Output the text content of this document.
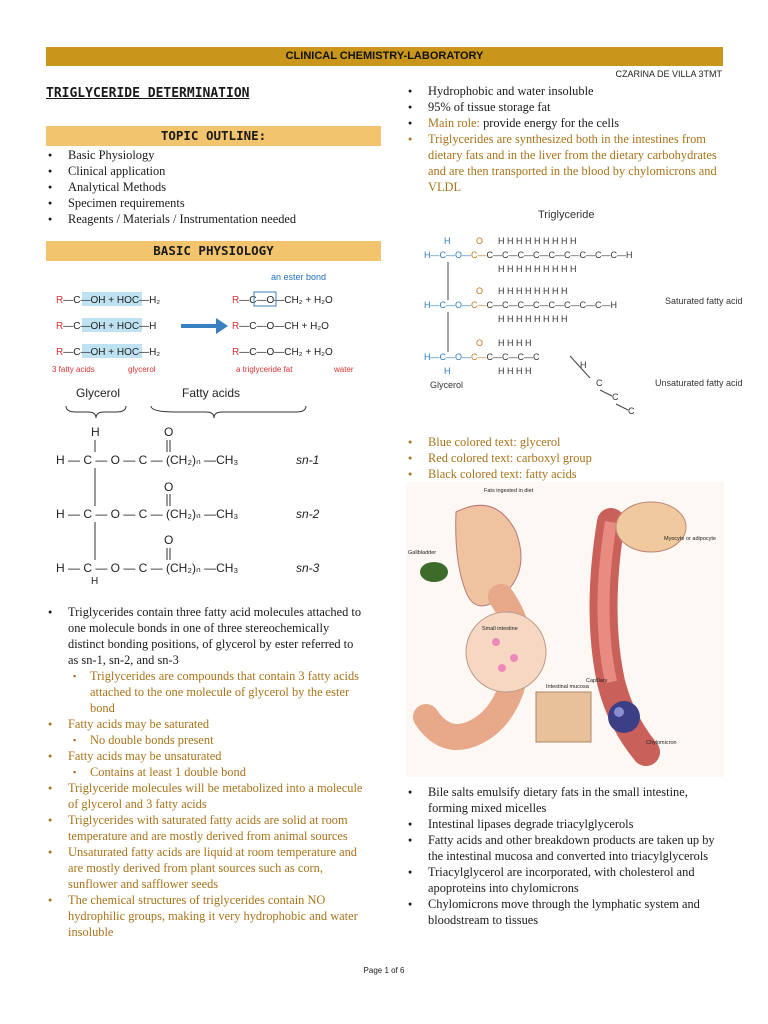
CLINICAL CHEMISTRY-LABORATORY
CZARINA DE VILLA 3TMT
TRIGLYCERIDE DETERMINATION
TOPIC OUTLINE:
● Basic Physiology
● Clinical application
● Analytical Methods
● Specimen requirements
● Reagents / Materials / Instrumentation needed
BASIC PHYSIOLOGY
R—C—OH + HOC—H₂
R—C—OH + HOC—H
R—C—OH + HOC—H₂
R—C—O—CH₂ + H₂O
R—C—O—CH + H₂O
R—C—O—CH₂ + H₂O
an ester bond
3 fatty acids	glycerol	a triglyceride fat	water
Glycerol	Fatty acids
H	O
H — C — O — C — (CH₂)ₙ —CH₃
O
H — C — O — C — (CH₂)ₙ —CH₃
O
H — C — O — C — (CH₂)ₙ —CH₃
H
sn-1
sn-2
sn-3
● Triglycerides contain three fatty acid molecules attached to one molecule bonds in one of three stereochemically distinct bonding positions, of glycerol by ester referred to as sn-1, sn-2, and sn-3
▪ Triglycerides are compounds that contain 3 fatty acids attached to the one molecule of glycerol by the ester bond
● Fatty acids may be saturated
▪ No double bonds present
● Fatty acids may be unsaturated
▪ Contains at least 1 double bond
● Triglyceride molecules will be metabolized into a molecule of glycerol and 3 fatty acids
● Triglycerides with saturated fatty acids are solid at room temperature and are mostly derived from animal sources
● Unsaturated fatty acids are liquid at room temperature and are mostly derived from plant sources such as corn, sunflower and safflower seeds
● The chemical structures of triglycerides contain NO hydrophilic groups, making it very hydrophobic and water insoluble
● Hydrophobic and water insoluble
● 95% of tissue storage fat
● Main role: provide energy for the cells
● Triglycerides are synthesized both in the intestines from dietary fats and in the liver from the dietary carbohydrates and are then transported in the blood by chylomicrons and VLDL
Triglyceride
H
H—C—O—C—C—C—C—C—C—C—C—C—C—H
O H H H H H H H H H
H H H H H H H H H
O H H H H H H H H
H—C—O—C—C—C—C—C—C—C—C—C—H
H H H H H H H H
Saturated fatty acid
O H H H H
H—C—O—C—C—C—C—C
H H H H
H
Glycerol	Unsaturated fatty acid
H
C
C
C
● Blue colored text: glycerol
● Red colored text: carboxyl group
● Black colored text: fatty acids
Fats ingested in diet
Gallbladder
Small intestine
Capillary
Intestinal mucosa
Chylomicron
Myocyte or adipocyte
● Bile salts emulsify dietary fats in the small intestine, forming mixed micelles
● Intestinal lipases degrade triacylglycerols
● Fatty acids and other breakdown products are taken up by the intestinal mucosa and converted into triacylglycerols
● Triacylglycerol are incorporated, with cholesterol and apoproteins into chylomicrons
● Chylomicrons move through the lymphatic system and bloodstream to tissues
Page 1 of 6
